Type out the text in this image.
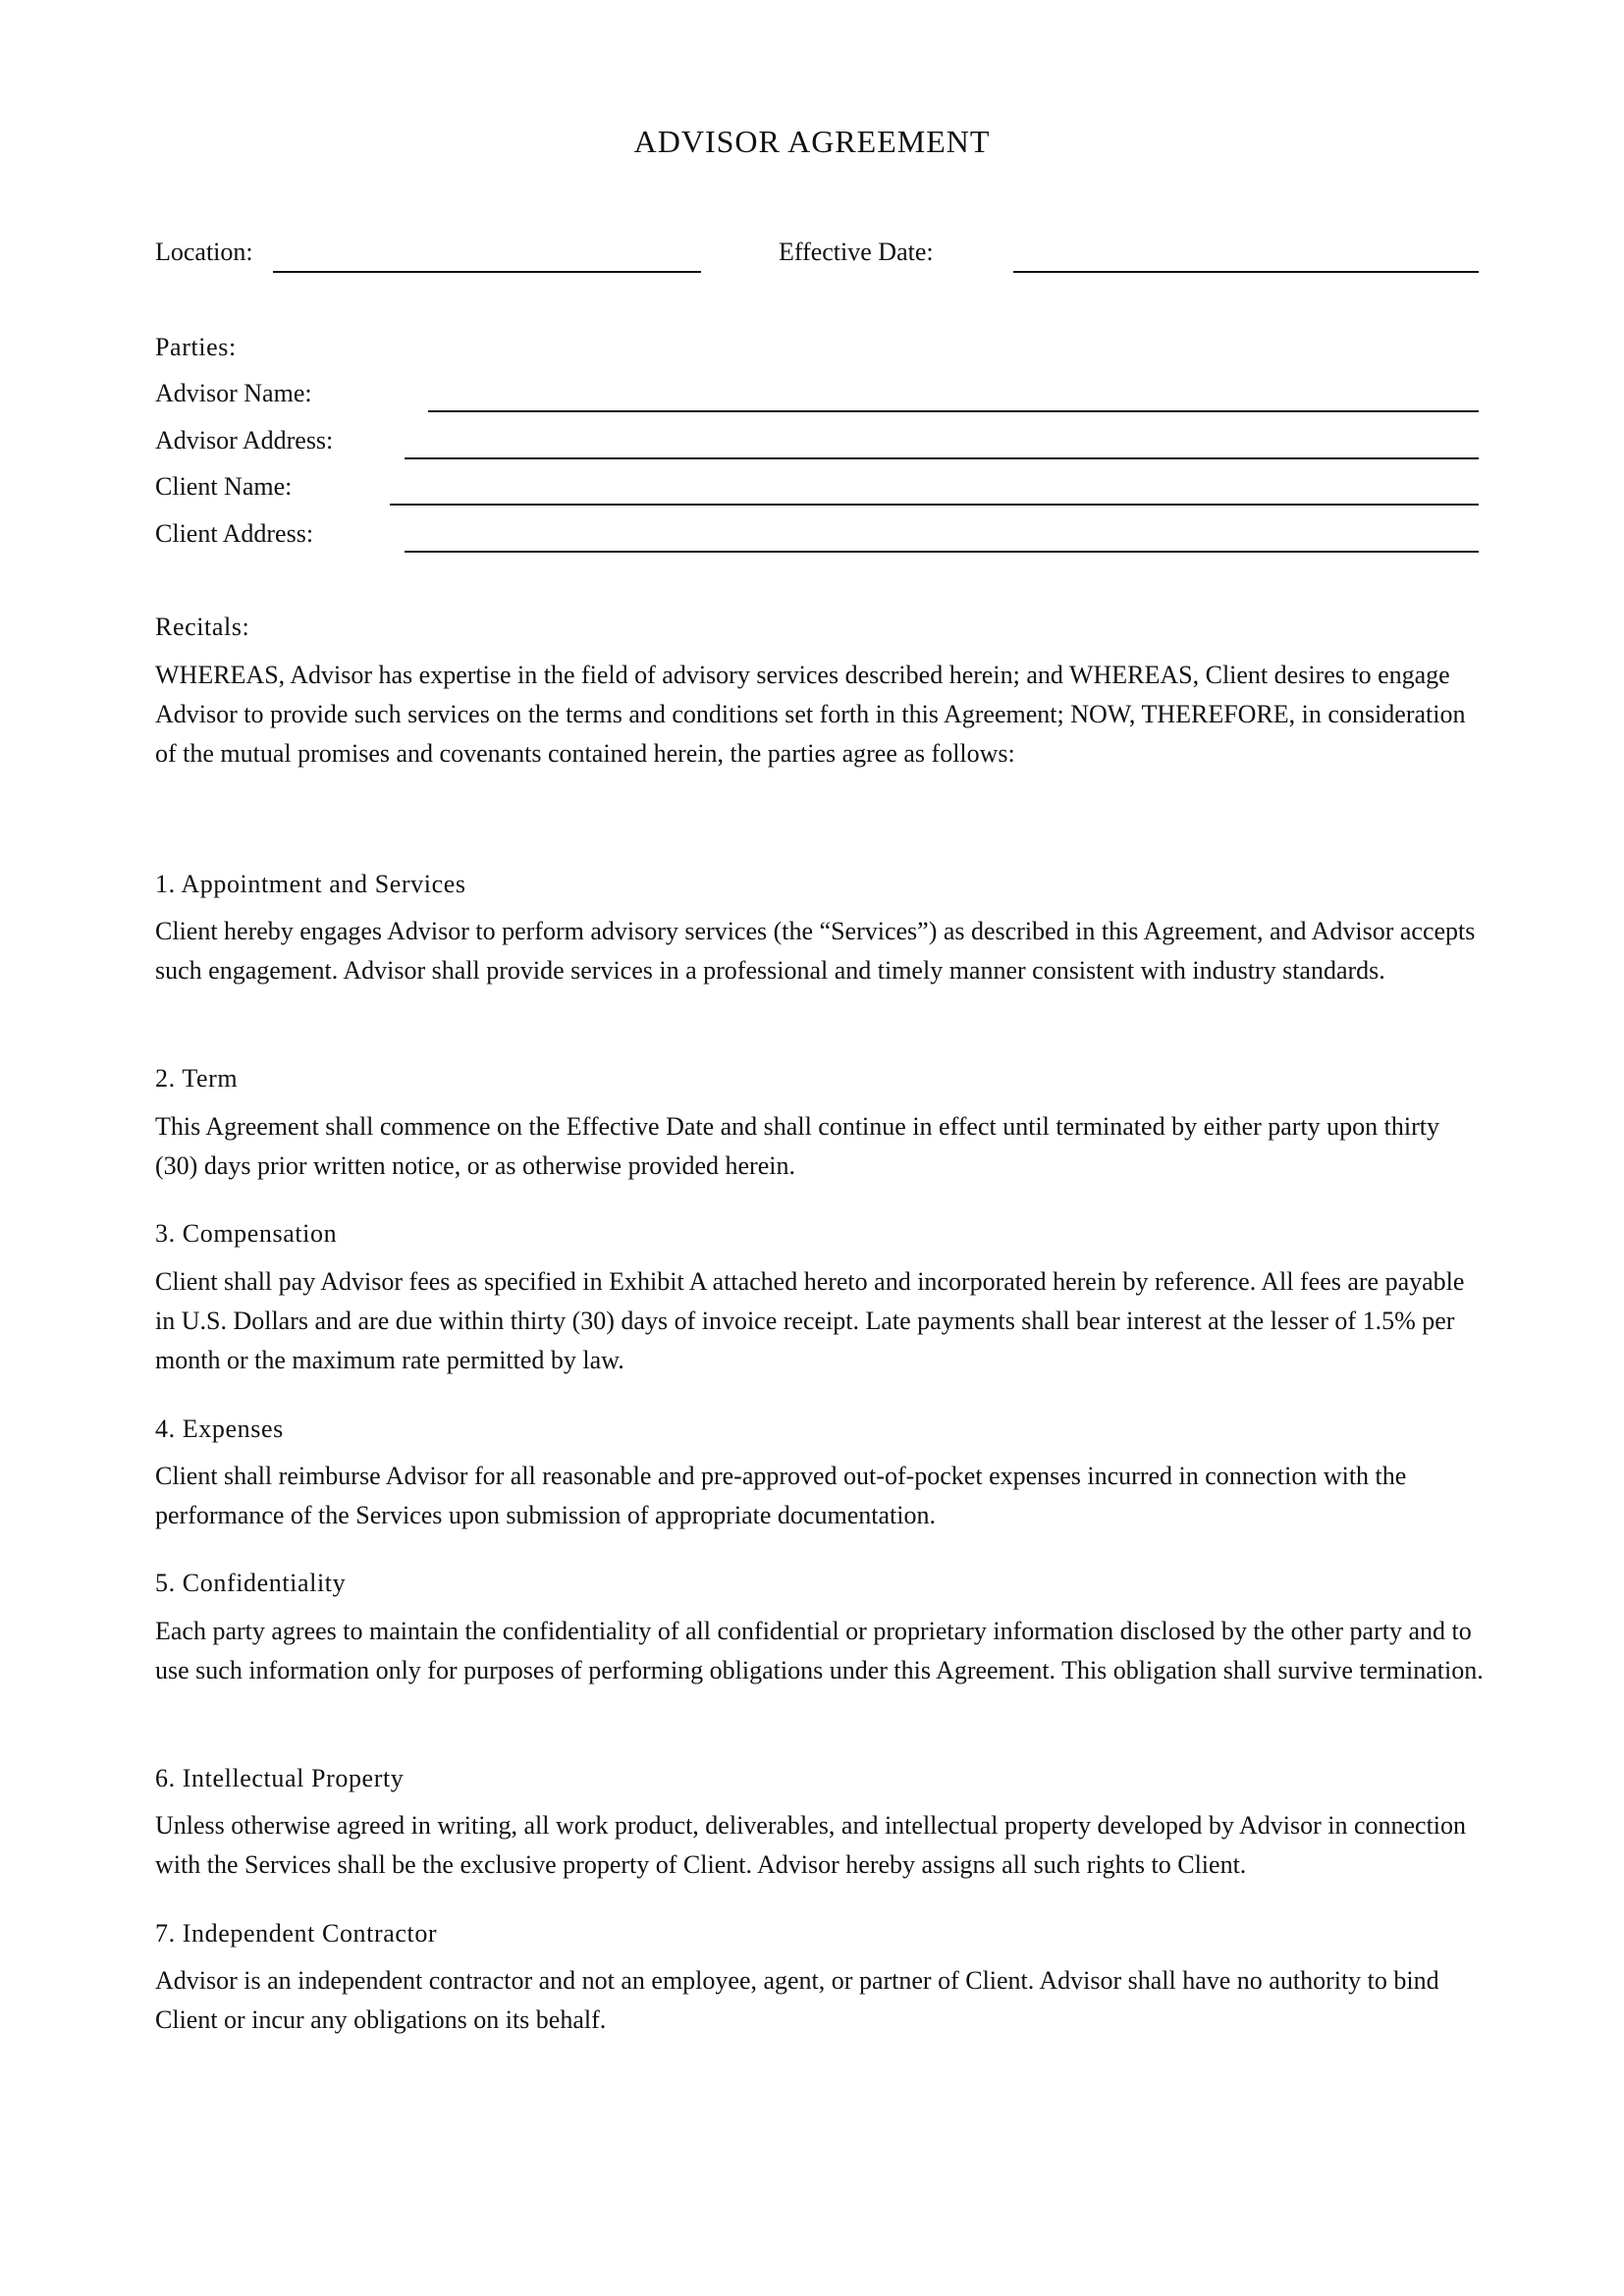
ADVISOR AGREEMENT
Location:	Effective Date:
Parties:
Advisor Name:
Advisor Address:
Client Name:
Client Address:
Recitals:
WHEREAS, Advisor has expertise in the field of advisory services described herein; and WHEREAS, Client desires to engage Advisor to provide such services on the terms and conditions set forth in this Agreement; NOW, THEREFORE, in consideration of the mutual promises and covenants contained herein, the parties agree as follows:
1. Appointment and Services
Client hereby engages Advisor to perform advisory services (the “Services”) as described in this Agreement, and Advisor accepts such engagement. Advisor shall provide services in a professional and timely manner consistent with industry standards.
2. Term
This Agreement shall commence on the Effective Date and shall continue in effect until terminated by either party upon thirty (30) days prior written notice, or as otherwise provided herein.
3. Compensation
Client shall pay Advisor fees as specified in Exhibit A attached hereto and incorporated herein by reference. All fees are payable in U.S. Dollars and are due within thirty (30) days of invoice receipt. Late payments shall bear interest at the lesser of 1.5% per month or the maximum rate permitted by law.
4. Expenses
Client shall reimburse Advisor for all reasonable and pre-approved out-of-pocket expenses incurred in connection with the performance of the Services upon submission of appropriate documentation.
5. Confidentiality
Each party agrees to maintain the confidentiality of all confidential or proprietary information disclosed by the other party and to use such information only for purposes of performing obligations under this Agreement. This obligation shall survive termination.
6. Intellectual Property
Unless otherwise agreed in writing, all work product, deliverables, and intellectual property developed by Advisor in connection with the Services shall be the exclusive property of Client. Advisor hereby assigns all such rights to Client.
7. Independent Contractor
Advisor is an independent contractor and not an employee, agent, or partner of Client. Advisor shall have no authority to bind Client or incur any obligations on its behalf.
